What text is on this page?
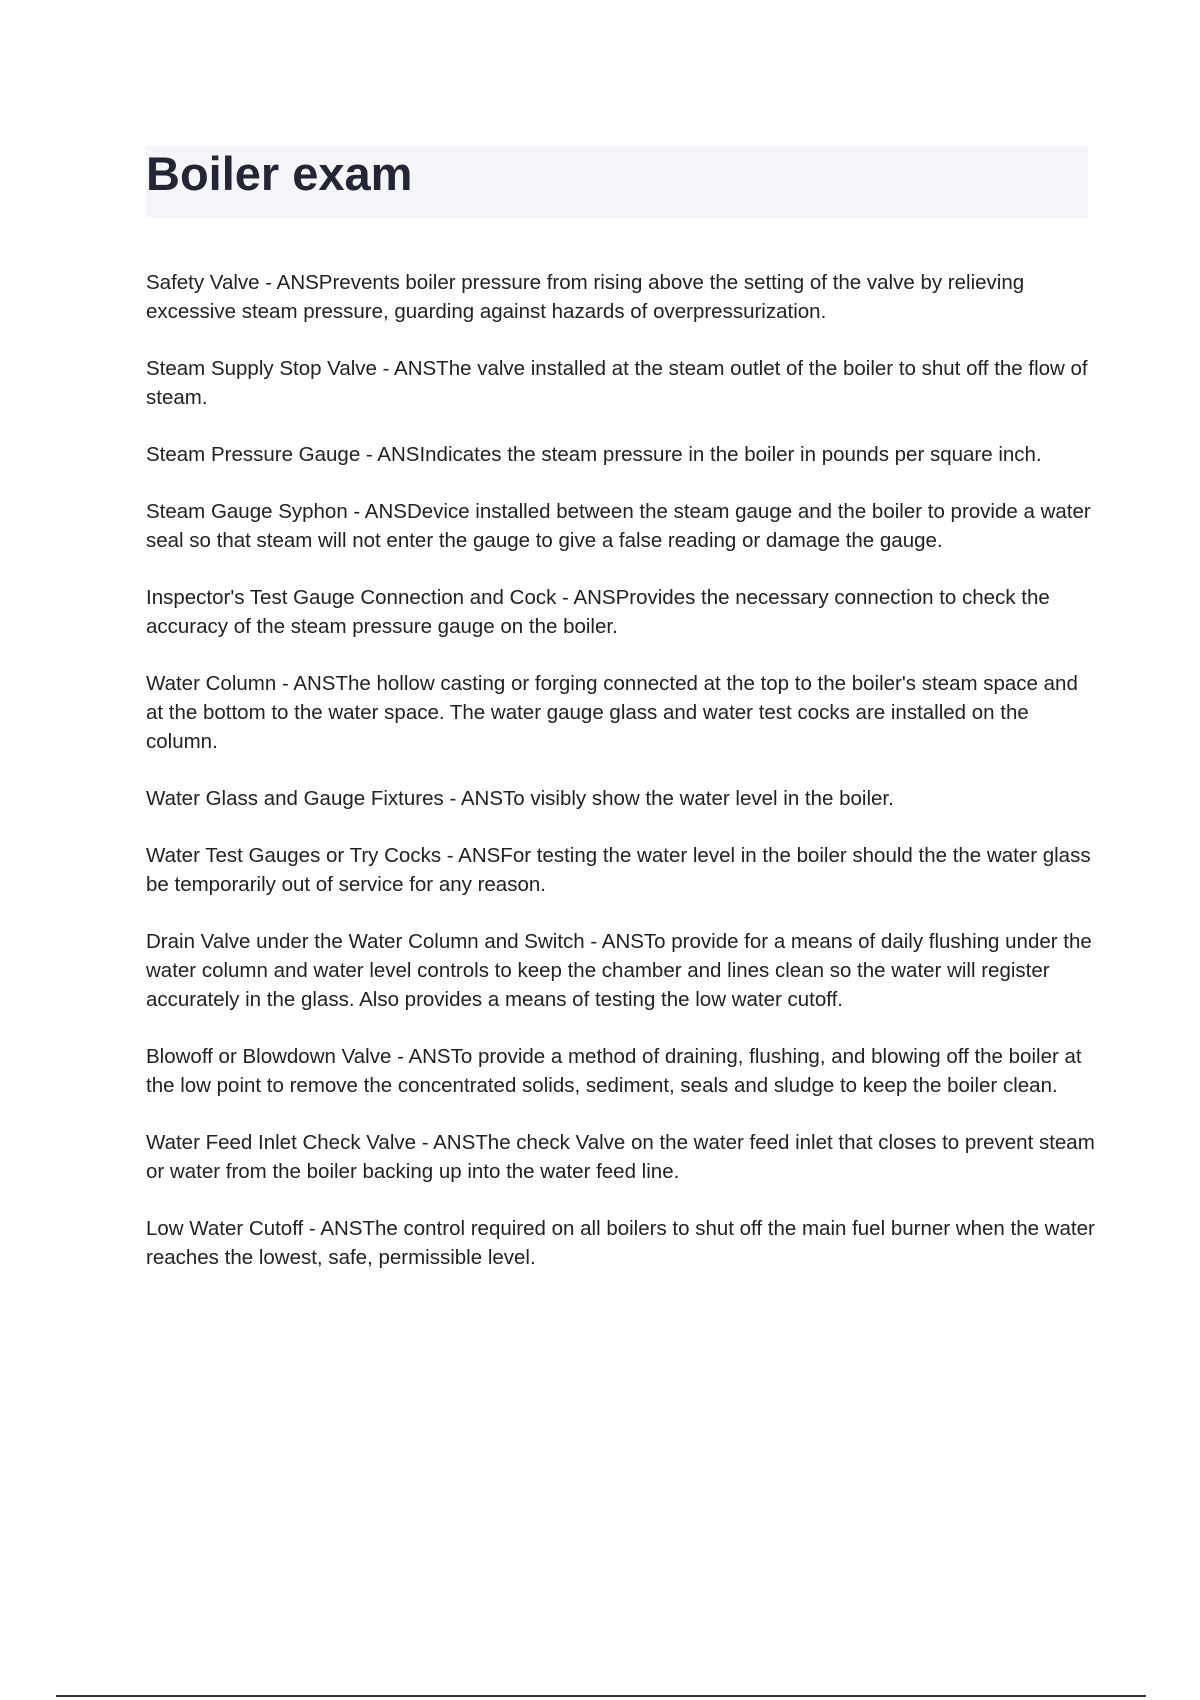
Boiler exam

Safety Valve - ANSPrevents boiler pressure from rising above the setting of the valve by relieving excessive steam pressure, guarding against hazards of overpressurization.

Steam Supply Stop Valve - ANSThe valve installed at the steam outlet of the boiler to shut off the flow of steam.

Steam Pressure Gauge - ANSIndicates the steam pressure in the boiler in pounds per square inch.

Steam Gauge Syphon - ANSDevice installed between the steam gauge and the boiler to provide a water seal so that steam will not enter the gauge to give a false reading or damage the gauge.

Inspector's Test Gauge Connection and Cock - ANSProvides the necessary connection to check the accuracy of the steam pressure gauge on the boiler.

Water Column - ANSThe hollow casting or forging connected at the top to the boiler's steam space and at the bottom to the water space. The water gauge glass and water test cocks are installed on the column.

Water Glass and Gauge Fixtures - ANSTo visibly show the water level in the boiler.

Water Test Gauges or Try Cocks - ANSFor testing the water level in the boiler should the the water glass be temporarily out of service for any reason.

Drain Valve under the Water Column and Switch - ANSTo provide for a means of daily flushing under the water column and water level controls to keep the chamber and lines clean so the water will register accurately in the glass. Also provides a means of testing the low water cutoff.

Blowoff or Blowdown Valve - ANSTo provide a method of draining, flushing, and blowing off the boiler at the low point to remove the concentrated solids, sediment, seals and sludge to keep the boiler clean.

Water Feed Inlet Check Valve - ANSThe check Valve on the water feed inlet that closes to prevent steam or water from the boiler backing up into the water feed line.

Low Water Cutoff - ANSThe control required on all boilers to shut off the main fuel burner when the water reaches the lowest, safe, permissible level.
